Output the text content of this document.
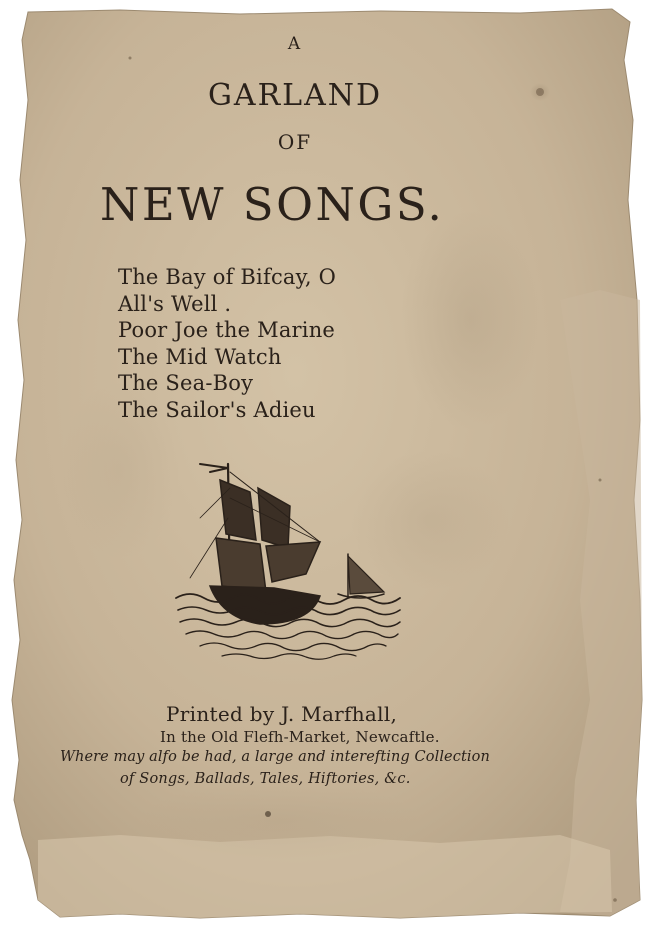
A

GARLAND

OF

NEW SONGS.

The Bay of Bifcay, O
All's Well .
Poor Joe the Marine
The Mid Watch
The Sea-Boy
The Sailor's Adieu

Printed by J. Marfhall,

In the Old Flefh-Market, Newcaftle.

Where may alfo be had, a large and interefting Collection

of Songs, Ballads, Tales, Hiftories, &c.
